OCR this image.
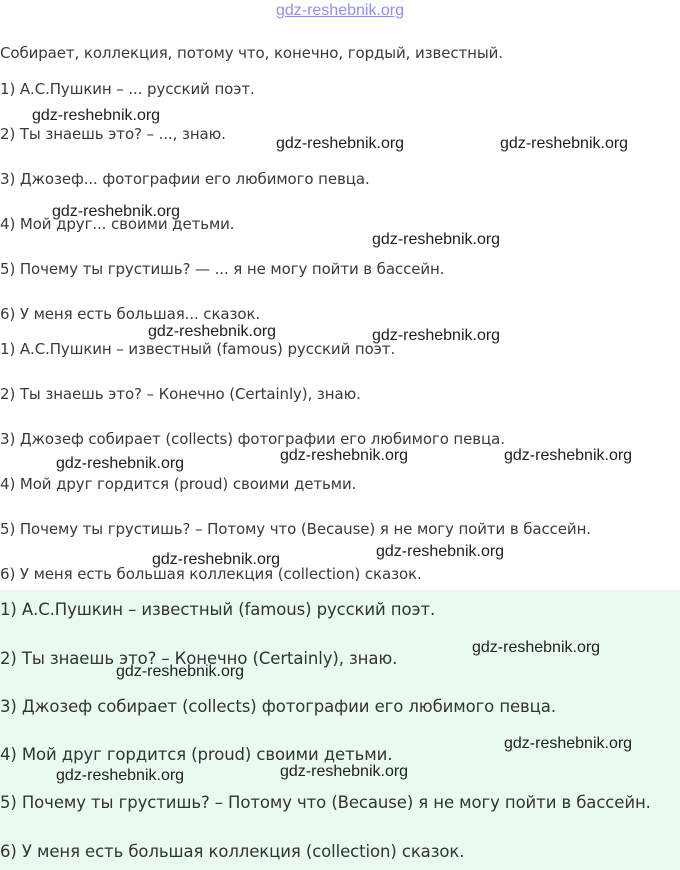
gdz-reshebnik.org
Собирает, коллекция, потому что, конечно, гордый, известный.
1) А.С.Пушкин – ... русский поэт.
2) Ты знаешь это? – ..., знаю.
3) Джозеф... фотографии его любимого певца.
4) Мой друг... своими детьми.
5) Почему ты грустишь? — ... я не могу пойти в бассейн.
6) У меня есть большая... сказок.
1) А.С.Пушкин – известный (famous) русский поэт.
2) Ты знаешь это? – Конечно (Certainly), знаю.
3) Джозеф собирает (collects) фотографии его любимого певца.
4) Мой друг гордится (proud) своими детьми.
5) Почему ты грустишь? – Потому что (Because) я не могу пойти в бассейн.
6) У меня есть большая коллекция (collection) сказок.
1) А.С.Пушкин – известный (famous) русский поэт.
2) Ты знаешь это? – Конечно (Certainly), знаю.
3) Джозеф собирает (collects) фотографии его любимого певца.
4) Мой друг гордится (proud) своими детьми.
5) Почему ты грустишь? – Потому что (Because) я не могу пойти в бассейн.
6) У меня есть большая коллекция (collection) сказок.
gdz-reshebnik.org
gdz-reshebnik.org	gdz-reshebnik.org
gdz-reshebnik.org
gdz-reshebnik.org
gdz-reshebnik.org	gdz-reshebnik.org
gdz-reshebnik.org	gdz-reshebnik.org	gdz-reshebnik.org
gdz-reshebnik.org	gdz-reshebnik.org
gdz-reshebnik.org
gdz-reshebnik.org
gdz-reshebnik.org
gdz-reshebnik.org	gdz-reshebnik.org
